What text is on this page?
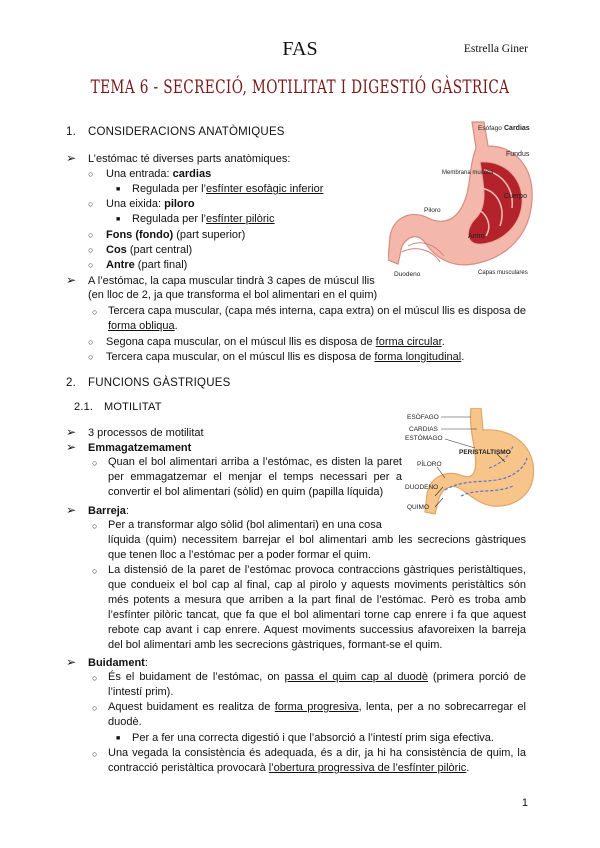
FAS	Estrella Giner
TEMA 6 - SECRECIÓ, MOTILITAT I DIGESTIÓ GÀSTRICA
1. CONSIDERACIONS ANATÒMIQUES
➢ L’estómac té diverses parts anatòmiques:
○ Una entrada: cardias
■ Regulada per l’esfínter esofàgic inferior
○ Una eixida: pilorо
■ Regulada per l’esfínter pilòric
○ Fons (fondo) (part superior)
○ Cos (part central)
○ Antre (part final)
➢ A l’estómac, la capa muscular tindrà 3 capes de múscul llis
(en lloc de 2, ja que transforma el bol alimentari en el quim)
○ Tercera capa muscular, (capa més interna, capa extra) on el múscul llis es disposa de forma obliqua.
○ Segona capa muscular, on el múscul llis es disposa de forma circular.
○ Tercera capa muscular, on el múscul llis es disposa de forma longitudinal.
Esòfago Cardias
Fundus
Membrana mucosa
Cuerpo
Piloro
Antro
Duodeno	Capas musculares
2. FUNCIONS GÀSTRIQUES
2.1. MOTILITAT
➢ 3 processos de motilitat
➢ Emmagatzemament
○ Quan el bol alimentari arriba a l’estómac, es disten la paret per emmagatzemar el menjar el temps necessari per a convertir el bol alimentari (sòlid) en quim (papilla líquida)
➢ Barreja:
○ Per a transformar algo sòlid (bol alimentari) en una cosa
líquida (quim) necessitem barrejar el bol alimentari amb les secrecions gàstriques que tenen lloc a l’estómac per a poder formar el quim.
○ La distensió de la paret de l’estómac provoca contraccions gàstriques peristàltiques, que condueix el bol cap al final, cap al pirolo y aquests moviments peristàltics són més potents a mesura que arriben a la part final de l’estómac. Però es troba amb l’esfínter pilòric tancat, que fa que el bol alimentari torne cap enrere i fa que aquest rebote cap avant i cap enrere. Aquest moviments successius afavoreixen la barreja del bol alimentari amb les secrecions gàstriques, formant-se el quim.
➢ Buidament:
○ És el buidament de l’estómac, on passa el quim cap al duodè (primera porció de l’intestí prim).
○ Aquest buidament es realitza de forma progresiva, lenta, per a no sobrecarregar el duodè.
■ Per a fer una correcta digestió i que l’absorció a l’intestí prim siga efectiva.
○ Una vegada la consistència és adequada, és a dir, ja hi ha consistència de quim, la contracció peristàltica provocarà l’obertura progressiva de l’esfínter pilòric.
ESÒFAGO
CARDIAS
ESTÓMAGO
PERISTALTISMO
PÍLORO
DUODENO
QUIMO
1
